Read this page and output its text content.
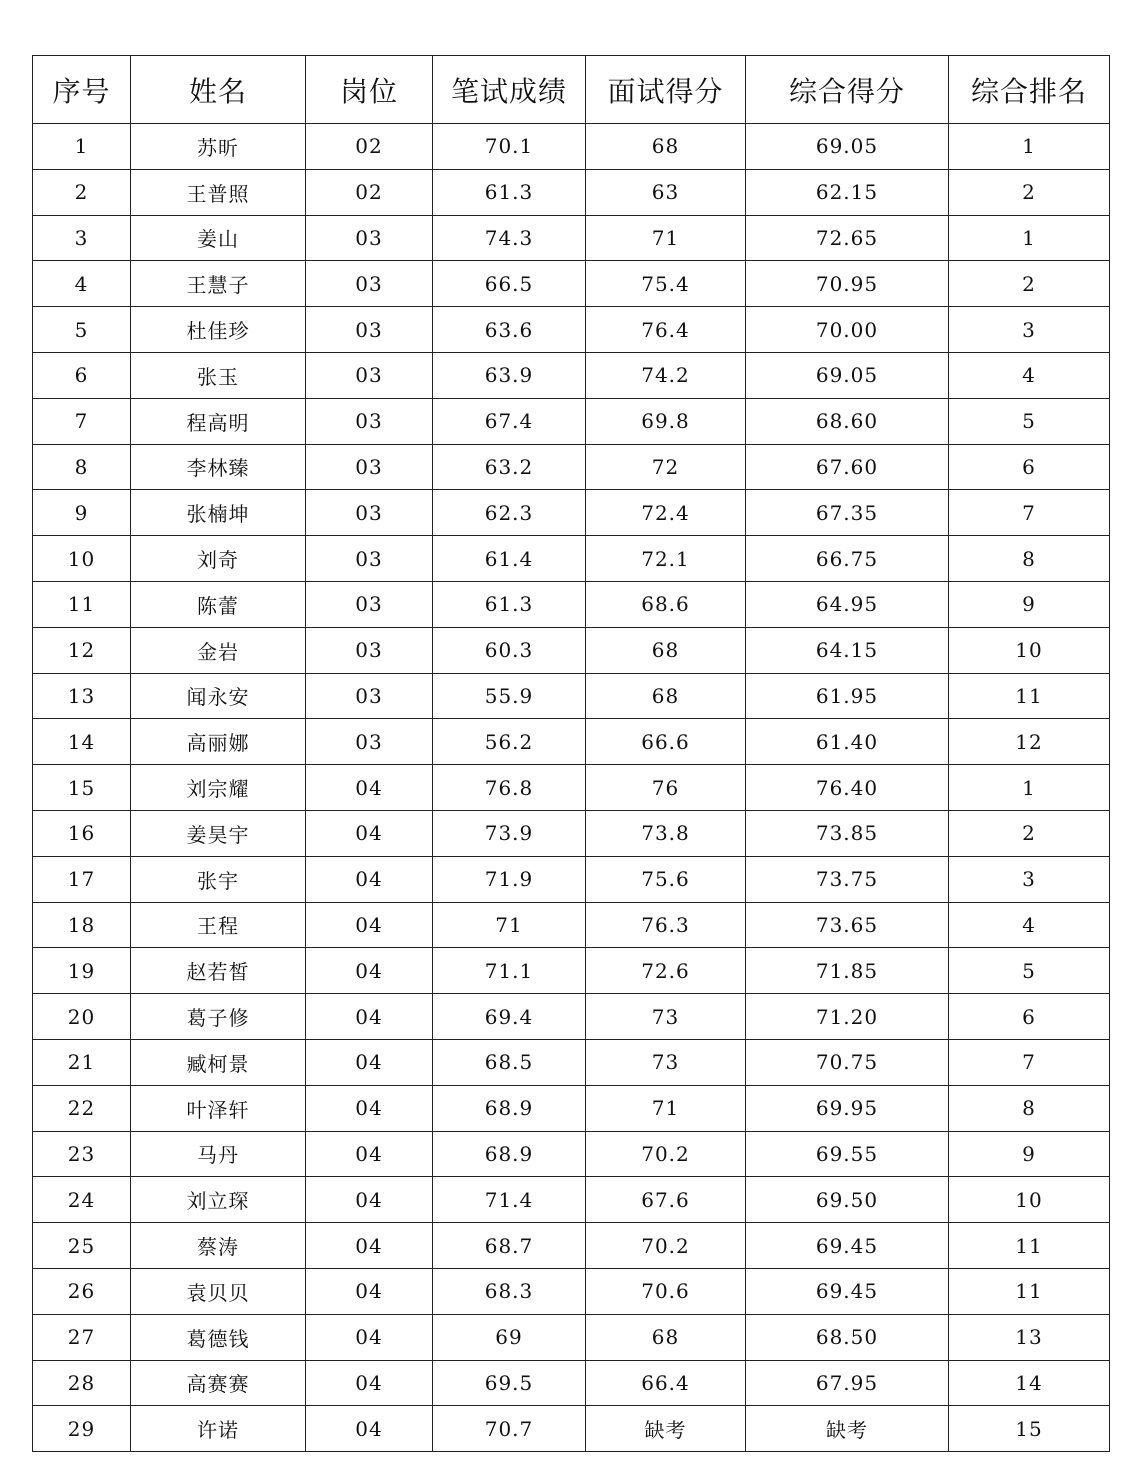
序号	姓名	岗位	笔试成绩	面试得分	综合得分	综合排名
1	苏昕	02	70.1	68	69.05	1
2	王普照	02	61.3	63	62.15	2
3	姜山	03	74.3	71	72.65	1
4	王慧子	03	66.5	75.4	70.95	2
5	杜佳珍	03	63.6	76.4	70.00	3
6	张玉	03	63.9	74.2	69.05	4
7	程高明	03	67.4	69.8	68.60	5
8	李林臻	03	63.2	72	67.60	6
9	张楠坤	03	62.3	72.4	67.35	7
10	刘奇	03	61.4	72.1	66.75	8
11	陈蕾	03	61.3	68.6	64.95	9
12	金岩	03	60.3	68	64.15	10
13	闻永安	03	55.9	68	61.95	11
14	高丽娜	03	56.2	66.6	61.40	12
15	刘宗耀	04	76.8	76	76.40	1
16	姜昊宇	04	73.9	73.8	73.85	2
17	张宇	04	71.9	75.6	73.75	3
18	王程	04	71	76.3	73.65	4
19	赵若皙	04	71.1	72.6	71.85	5
20	葛子修	04	69.4	73	71.20	6
21	臧柯景	04	68.5	73	70.75	7
22	叶泽轩	04	68.9	71	69.95	8
23	马丹	04	68.9	70.2	69.55	9
24	刘立琛	04	71.4	67.6	69.50	10
25	蔡涛	04	68.7	70.2	69.45	11
26	袁贝贝	04	68.3	70.6	69.45	11
27	葛德钱	04	69	68	68.50	13
28	高赛赛	04	69.5	66.4	67.95	14
29	许诺	04	70.7	缺考	缺考	15
